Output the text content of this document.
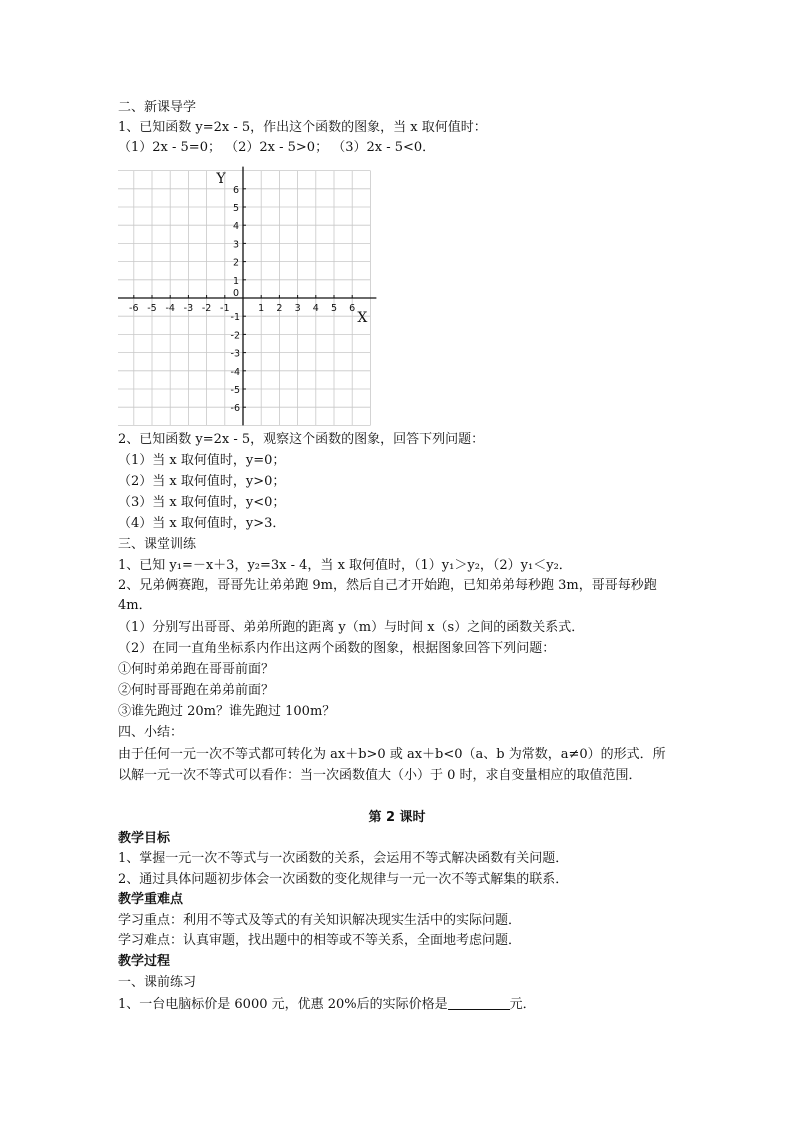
二、新课导学
1、已知函数 y=2x - 5，作出这个函数的图象，当 x 取何值时：
（1）2x - 5=0； （2）2x - 5>0； （3）2x - 5<0．
-6 -5 -4 -3 -2 -1	1 2 3 4 5 6
6
5
4
3
2
1
-1
-2
-3
-4
-5
-6
0
X
Y
2、已知函数 y=2x - 5，观察这个函数的图象，回答下列问题：
（1）当 x 取何值时，y=0；
（2）当 x 取何值时，y>0；
（3）当 x 取何值时，y<0；
（4）当 x 取何值时，y>3．
三、课堂训练
1、已知 y₁=－x＋3，y₂=3x - 4，当 x 取何值时，（1）y₁＞y₂，（2）y₁＜y₂．
2、兄弟俩赛跑，哥哥先让弟弟跑 9m，然后自己才开始跑，已知弟弟每秒跑 3m，哥哥每秒跑4m．
（1）分别写出哥哥、弟弟所跑的距离 y（m）与时间 x（s）之间的函数关系式．
（2）在同一直角坐标系内作出这两个函数的图象，根据图象回答下列问题：
①何时弟弟跑在哥哥前面？
②何时哥哥跑在弟弟前面？
③谁先跑过 20m？谁先跑过 100m？
四、小结：
由于任何一元一次不等式都可转化为 ax＋b>0 或 ax＋b<0（a、b 为常数，a≠0）的形式．所以解一元一次不等式可以看作：当一次函数值大（小）于 0 时，求自变量相应的取值范围．
第 2 课时
教学目标
1、掌握一元一次不等式与一次函数的关系，会运用不等式解决函数有关问题．
2、通过具体问题初步体会一次函数的变化规律与一元一次不等式解集的联系．
教学重难点
学习重点：利用不等式及等式的有关知识解决现实生活中的实际问题．
学习难点：认真审题，找出题中的相等或不等关系，全面地考虑问题．
教学过程
一、课前练习
1、一台电脑标价是 6000 元，优惠 20%后的实际价格是	元．
